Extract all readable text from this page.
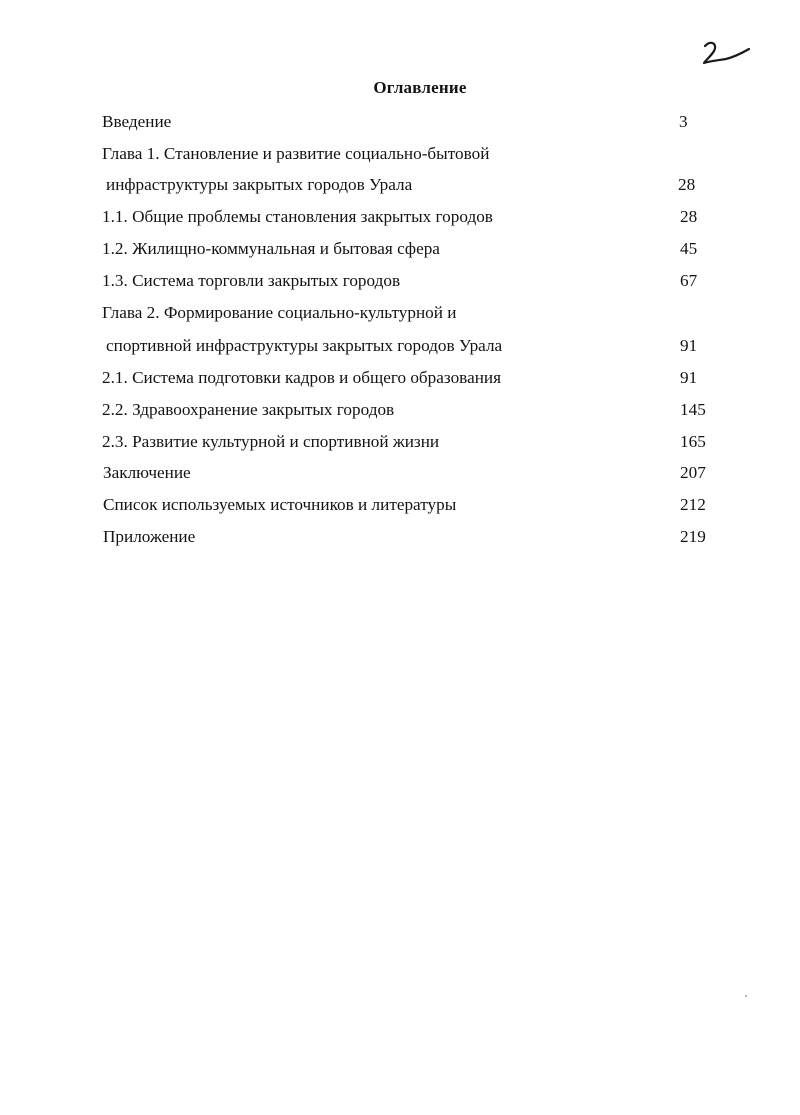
Оглавление
Введение	3
Глава 1. Становление и развитие социально-бытовой
инфраструктуры закрытых городов Урала	28
1.1. Общие проблемы становления закрытых городов	28
1.2. Жилищно-коммунальная и бытовая сфера	45
1.3. Система торговли закрытых городов	67
Глава 2. Формирование социально-культурной и
спортивной инфраструктуры закрытых городов Урала	91
2.1. Система подготовки кадров и общего образования	91
2.2. Здравоохранение закрытых городов	145
2.3. Развитие культурной и спортивной жизни	165
Заключение	207
Список используемых источников и литературы	212
Приложение	219
